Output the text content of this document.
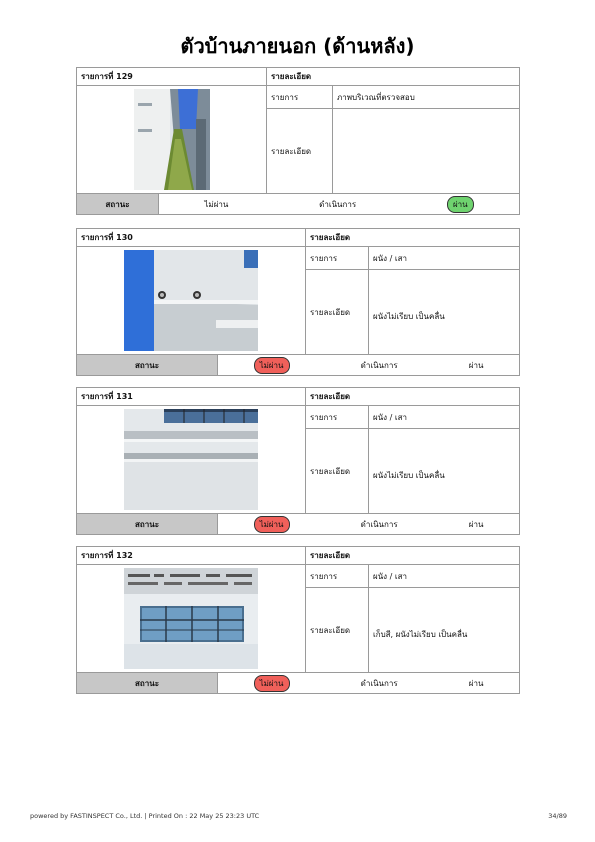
ตัวบ้านภายนอก (ด้านหลัง)
รายการที่ 129	รายละเอียด
รายการ	ภาพบริเวณที่ตรวจสอบ
รายละเอียด
สถานะ	ไม่ผ่าน	ดำเนินการ	ผ่าน
รายการที่ 130	รายละเอียด
รายการ	ผนัง / เสา
รายละเอียด	ผนังไม่เรียบ เป็นคลื่น
สถานะ	ไม่ผ่าน	ดำเนินการ	ผ่าน
รายการที่ 131	รายละเอียด
รายการ	ผนัง / เสา
รายละเอียด	ผนังไม่เรียบ เป็นคลื่น
สถานะ	ไม่ผ่าน	ดำเนินการ	ผ่าน
รายการที่ 132	รายละเอียด
รายการ	ผนัง / เสา
รายละเอียด	เก็บสี, ผนังไม่เรียบ เป็นคลื่น
สถานะ	ไม่ผ่าน	ดำเนินการ	ผ่าน
powered by FASTINSPECT Co., Ltd. | Printed On : 22 May 25 23:23 UTC	34/89
